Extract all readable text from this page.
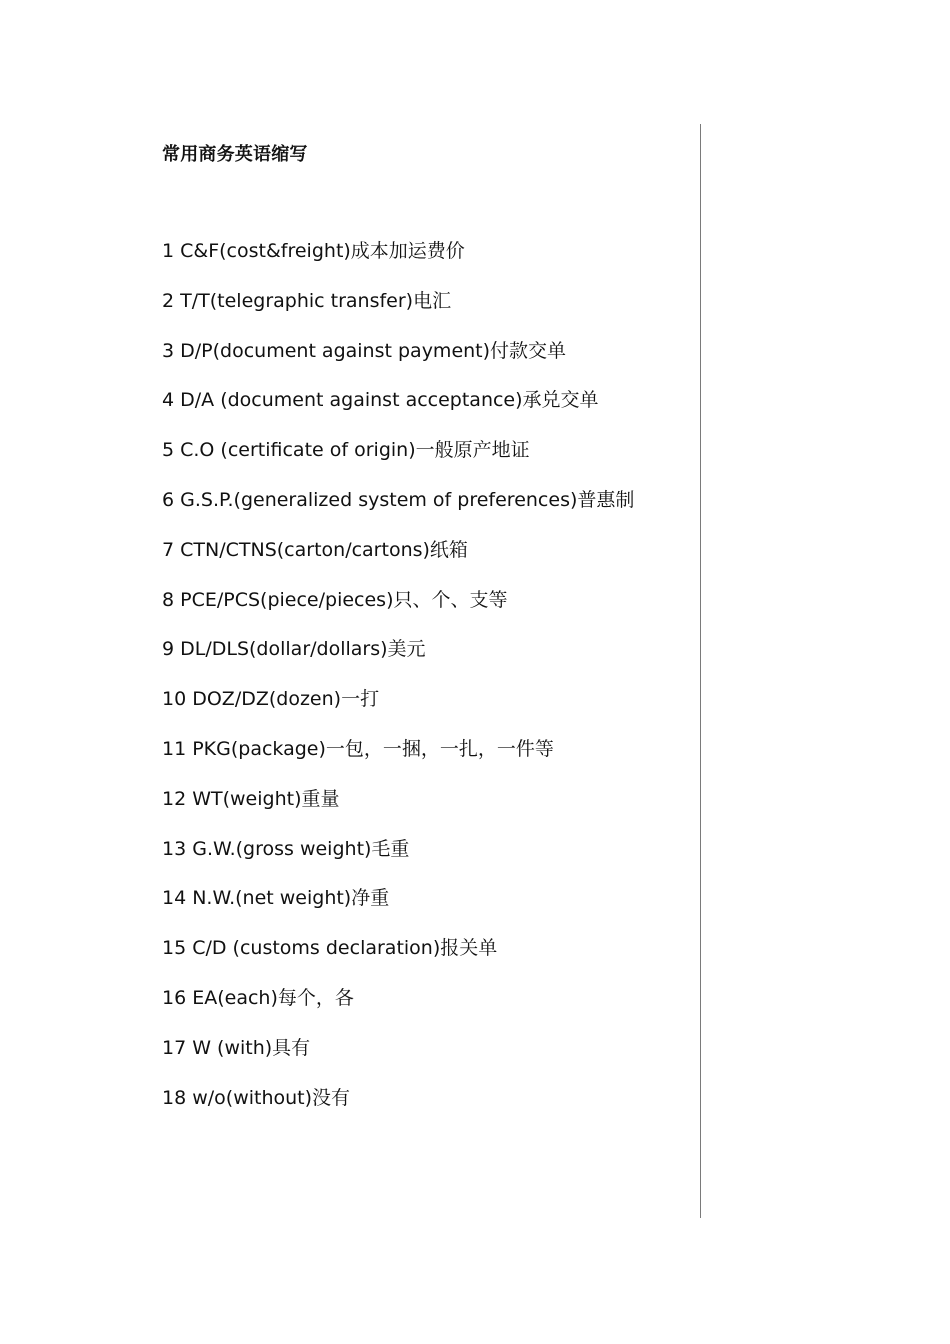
常用商务英语缩写
1 C&F(cost&freight)成本加运费价
2 T/T(telegraphic transfer)电汇
3 D/P(document against payment)付款交单
4 D/A (document against acceptance)承兑交单
5 C.O (certificate of origin)一般原产地证
6 G.S.P.(generalized system of preferences)普惠制
7 CTN/CTNS(carton/cartons)纸箱
8 PCE/PCS(piece/pieces)只、个、支等
9 DL/DLS(dollar/dollars)美元
10 DOZ/DZ(dozen)一打
11 PKG(package)一包，一捆，一扎，一件等
12 WT(weight)重量
13 G.W.(gross weight)毛重
14 N.W.(net weight)净重
15 C/D (customs declaration)报关单
16 EA(each)每个，各
17 W (with)具有
18 w/o(without)没有
